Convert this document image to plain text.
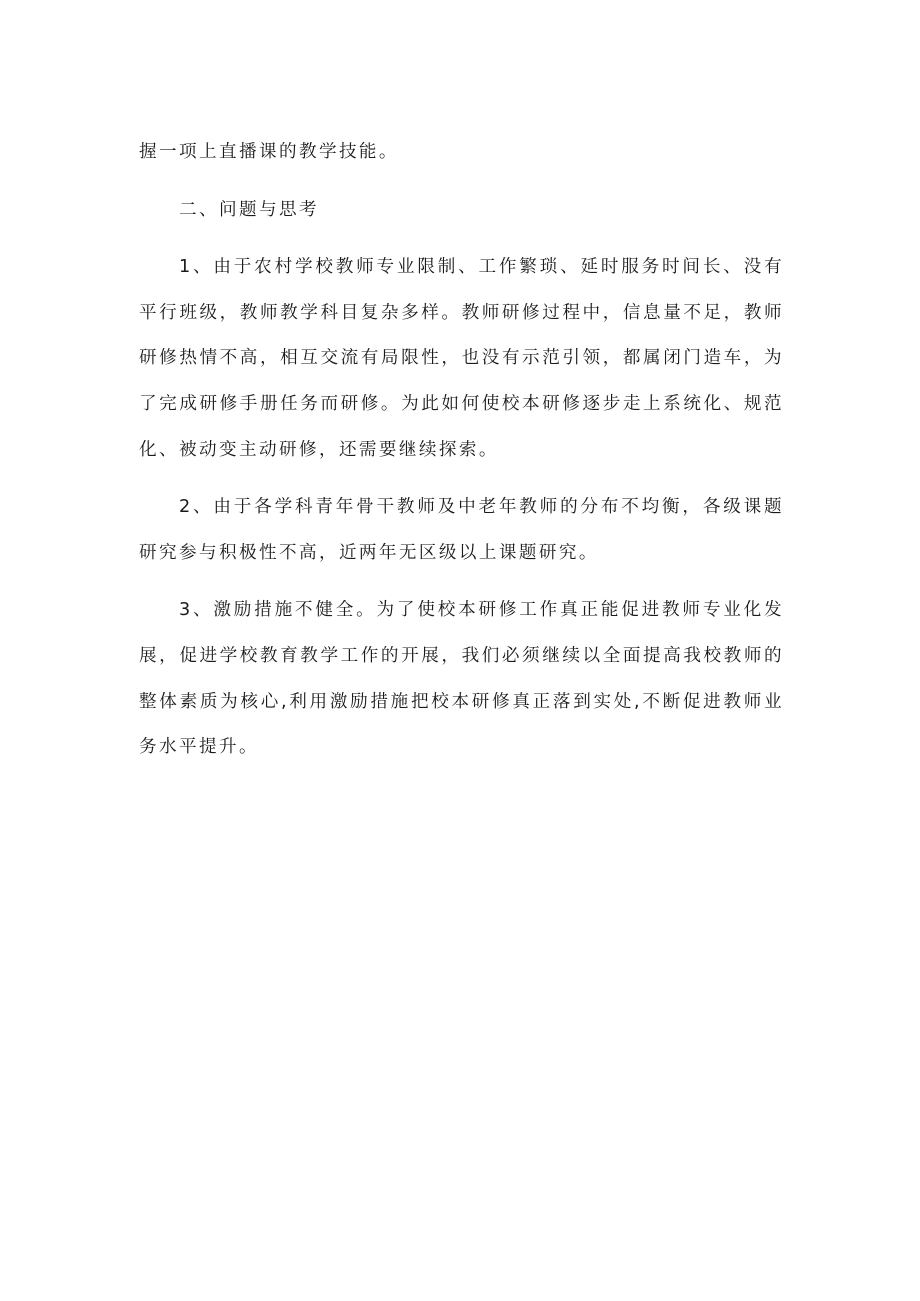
握一项上直播课的教学技能。

二、问题与思考

1、由于农村学校教师专业限制、工作繁琐、延时服务时间长、没有平行班级，教师教学科目复杂多样。教师研修过程中，信息量不足，教师研修热情不高，相互交流有局限性，也没有示范引领，都属闭门造车，为了完成研修手册任务而研修。为此如何使校本研修逐步走上系统化、规范化、被动变主动研修，还需要继续探索。

2、由于各学科青年骨干教师及中老年教师的分布不均衡，各级课题研究参与积极性不高，近两年无区级以上课题研究。

3、激励措施不健全。为了使校本研修工作真正能促进教师专业化发展，促进学校教育教学工作的开展，我们必须继续以全面提高我校教师的整体素质为核心,利用激励措施把校本研修真正落到实处,不断促进教师业务水平提升。
